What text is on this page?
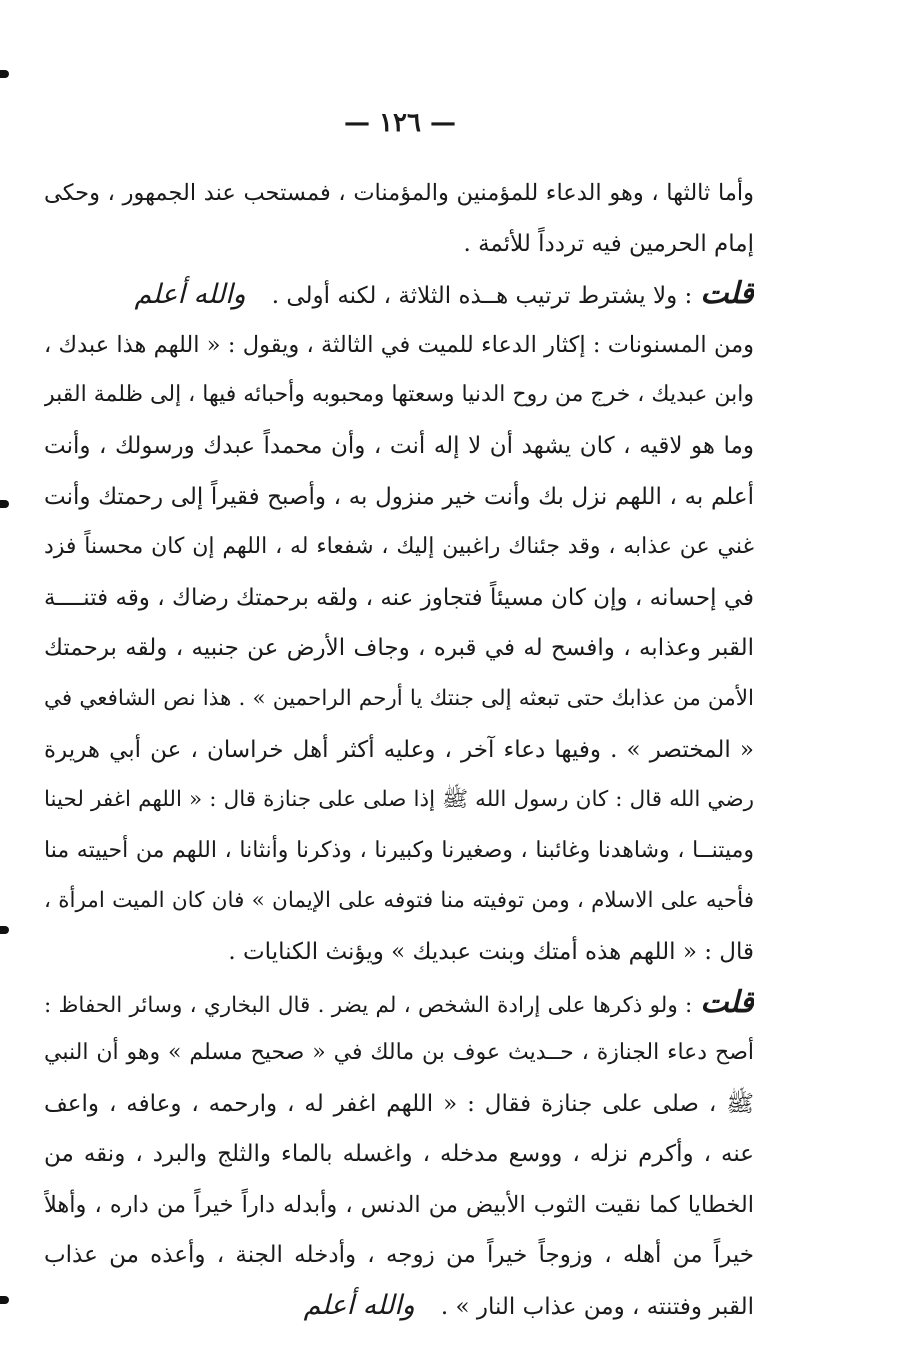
— ١٢٦ —
وأما ثالثها ، وهو الدعاء للمؤمنين والمؤمنات ، فمستحب عند الجمهور ، وحكى
إمام الحرمين فيه تردداً للأئمة .
قلت: ولا يشترط ترتيب هــذه الثلاثة ، لكنه أولى .والله أعلم
ومن المسنونات : إكثار الدعاء للميت في الثالثة ، ويقول : « اللهم هذا عبدك ،
وابن عبديك ، خرج من روح الدنيا وسعتها ومحبوبه وأحبائه فيها ، إلى ظلمة القبر
وما هو لاقيه ، كان يشهد أن لا إله أنت ، وأن محمداً عبدك ورسولك ، وأنت
أعلم به ، اللهم نزل بك وأنت خير منزول به ، وأصبح فقيراً إلى رحمتك وأنت
غني عن عذابه ، وقد جئناك راغبين إليك ، شفعاء له ، اللهم إن كان محسناً فزد
في إحسانه ، وإن كان مسيئاً فتجاوز عنه ، ولقه برحمتك رضاك ، وقه فتنــــة
القبر وعذابه ، وافسح له في قبره ، وجاف الأرض عن جنبيه ، ولقه برحمتك
الأمن من عذابك حتى تبعثه إلى جنتك يا أرحم الراحمين » . هذا نص الشافعي في
« المختصر » . وفيها دعاء آخر ، وعليه أكثر أهل خراسان ، عن أبي هريرة
رضي الله قال : كان رسول الله ﷺ إذا صلى على جنازة قال : « اللهم اغفر لحينا
وميتنــا ، وشاهدنا وغائبنا ، وصغيرنا وكبيرنا ، وذكرنا وأنثانا ، اللهم من أحييته منا
فأحيه على الاسلام ، ومن توفيته منا فتوفه على الإيمان » فان كان الميت امرأة ،
قال : « اللهم هذه أمتك وبنت عبديك » ويؤنث الكنايات .
قلت: ولو ذكرها على إرادة الشخص ، لم يضر . قال البخاري ، وسائر الحفاظ :
أصح دعاء الجنازة ، حــديث عوف بن مالك في « صحيح مسلم » وهو أن النبي
ﷺ ، صلى على جنازة فقال : « اللهم اغفر له ، وارحمه ، وعافه ، واعف
عنه ، وأكرم نزله ، ووسع مدخله ، واغسله بالماء والثلج والبرد ، ونقه من
الخطايا كما نقيت الثوب الأبيض من الدنس ، وأبدله داراً خيراً من داره ، وأهلاً
خيراً من أهله ، وزوجاً خيراً من زوجه ، وأدخله الجنة ، وأعذه من عذاب
القبر وفتنته ، ومن عذاب النار » .والله أعلم
